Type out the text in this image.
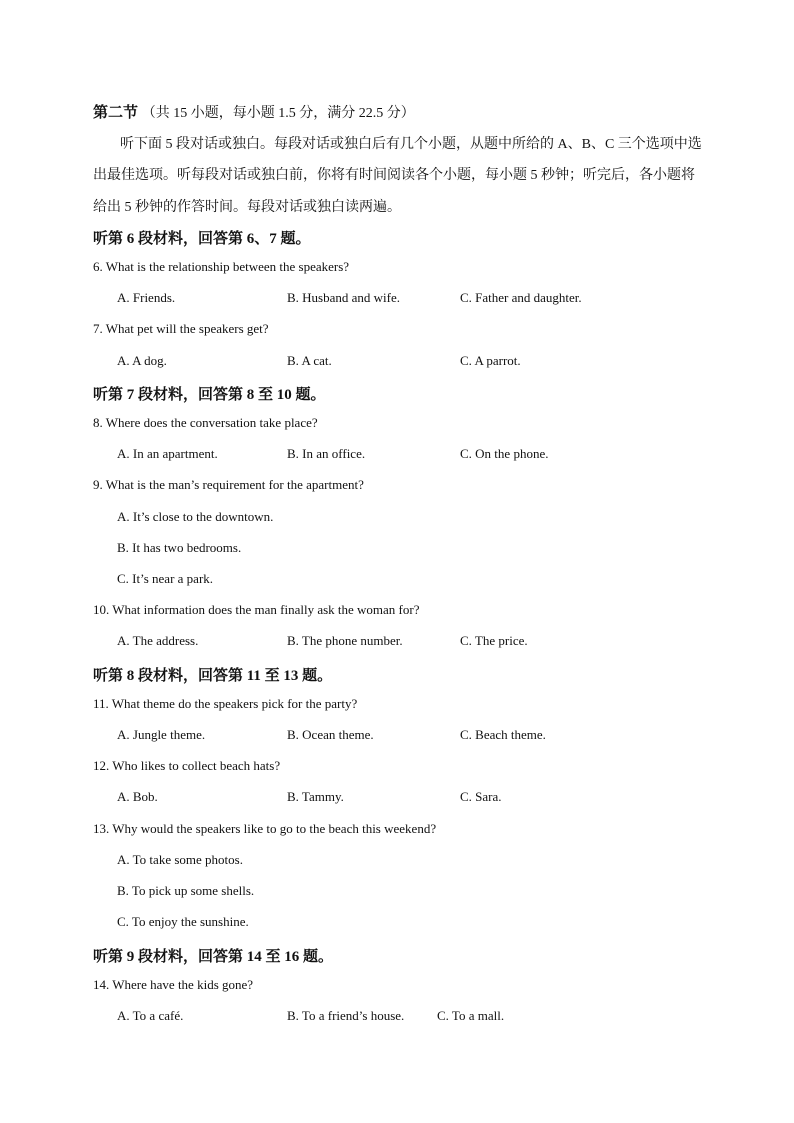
第二节 （共 15 小题，每小题 1.5 分，满分 22.5 分）
听下面 5 段对话或独白。每段对话或独白后有几个小题，从题中所给的 A、B、C 三个选项中选
出最佳选项。听每段对话或独白前，你将有时间阅读各个小题，每小题 5 秒钟；听完后，各小题将
给出 5 秒钟的作答时间。每段对话或独白读两遍。
听第 6 段材料，回答第 6、7 题。
6. What is the relationship between the speakers?
A. Friends.	B. Husband and wife.	C. Father and daughter.
7. What pet will the speakers get?
A. A dog.	B. A cat.	C. A parrot.
听第 7 段材料，回答第 8 至 10 题。
8. Where does the conversation take place?
A. In an apartment.	B. In an office.	C. On the phone.
9. What is the man’s requirement for the apartment?
A. It’s close to the downtown.
B. It has two bedrooms.
C. It’s near a park.
10. What information does the man finally ask the woman for?
A. The address.	B. The phone number.	C. The price.
听第 8 段材料，回答第 11 至 13 题。
11. What theme do the speakers pick for the party?
A. Jungle theme.	B. Ocean theme.	C. Beach theme.
12. Who likes to collect beach hats?
A. Bob.	B. Tammy.	C. Sara.
13. Why would the speakers like to go to the beach this weekend?
A. To take some photos.
B. To pick up some shells.
C. To enjoy the sunshine.
听第 9 段材料，回答第 14 至 16 题。
14. Where have the kids gone?
A. To a café.	B. To a friend’s house.	C. To a mall.
